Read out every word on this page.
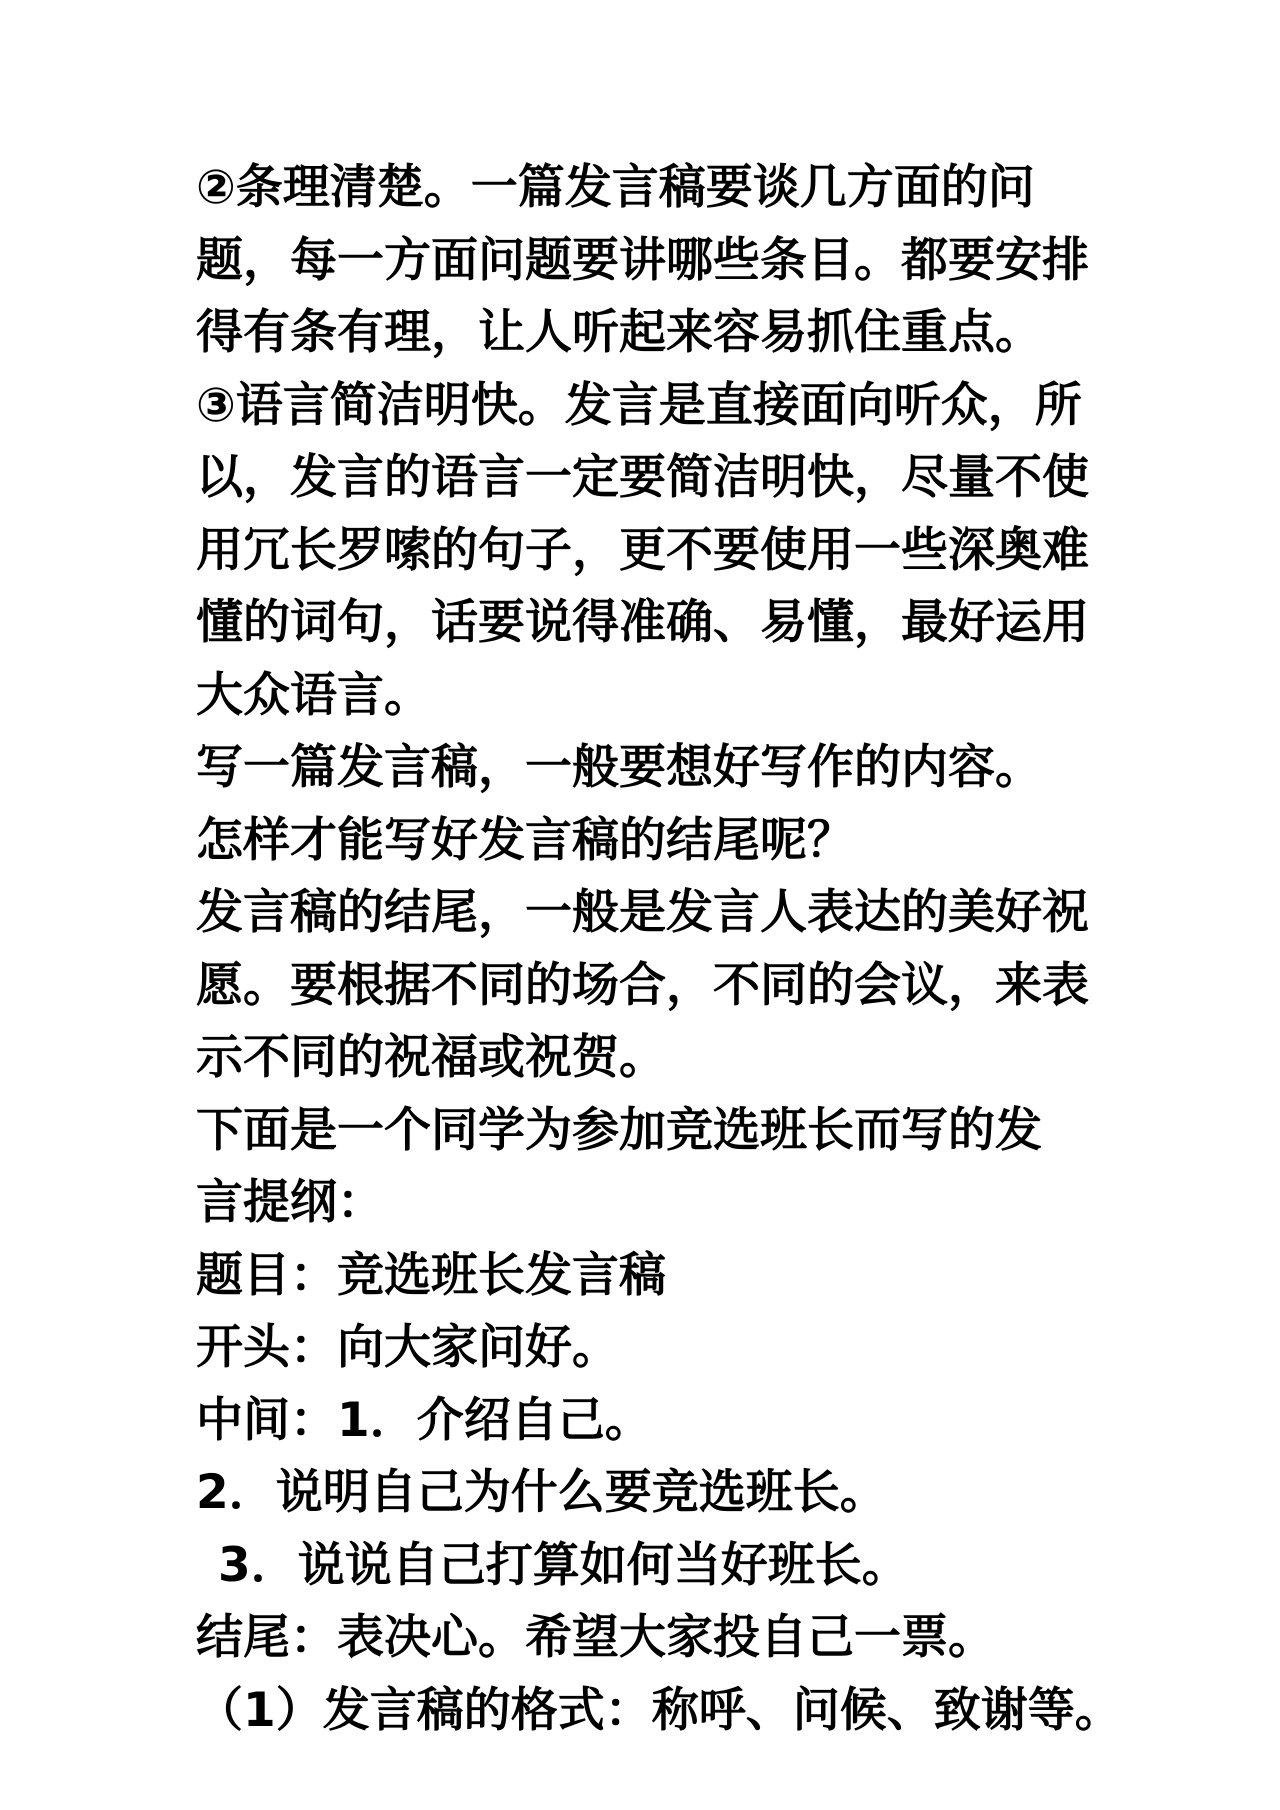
②条理清楚。一篇发言稿要谈几方面的问
题，每一方面问题要讲哪些条目。都要安排
得有条有理，让人听起来容易抓住重点。
③语言简洁明快。发言是直接面向听众，所
以，发言的语言一定要简洁明快，尽量不使
用冗长罗嗦的句子，更不要使用一些深奥难
懂的词句，话要说得准确、易懂，最好运用
大众语言。
写一篇发言稿，一般要想好写作的内容。
怎样才能写好发言稿的结尾呢？
发言稿的结尾，一般是发言人表达的美好祝
愿。要根据不同的场合，不同的会议，来表
示不同的祝福或祝贺。
下面是一个同学为参加竞选班长而写的发
言提纲：
题目：竞选班长发言稿
开头：向大家问好。
中间：1．介绍自己。
2．说明自己为什么要竞选班长。
3．说说自己打算如何当好班长。
结尾：表决心。希望大家投自己一票。
（1）发言稿的格式：称呼、问候、致谢等。
